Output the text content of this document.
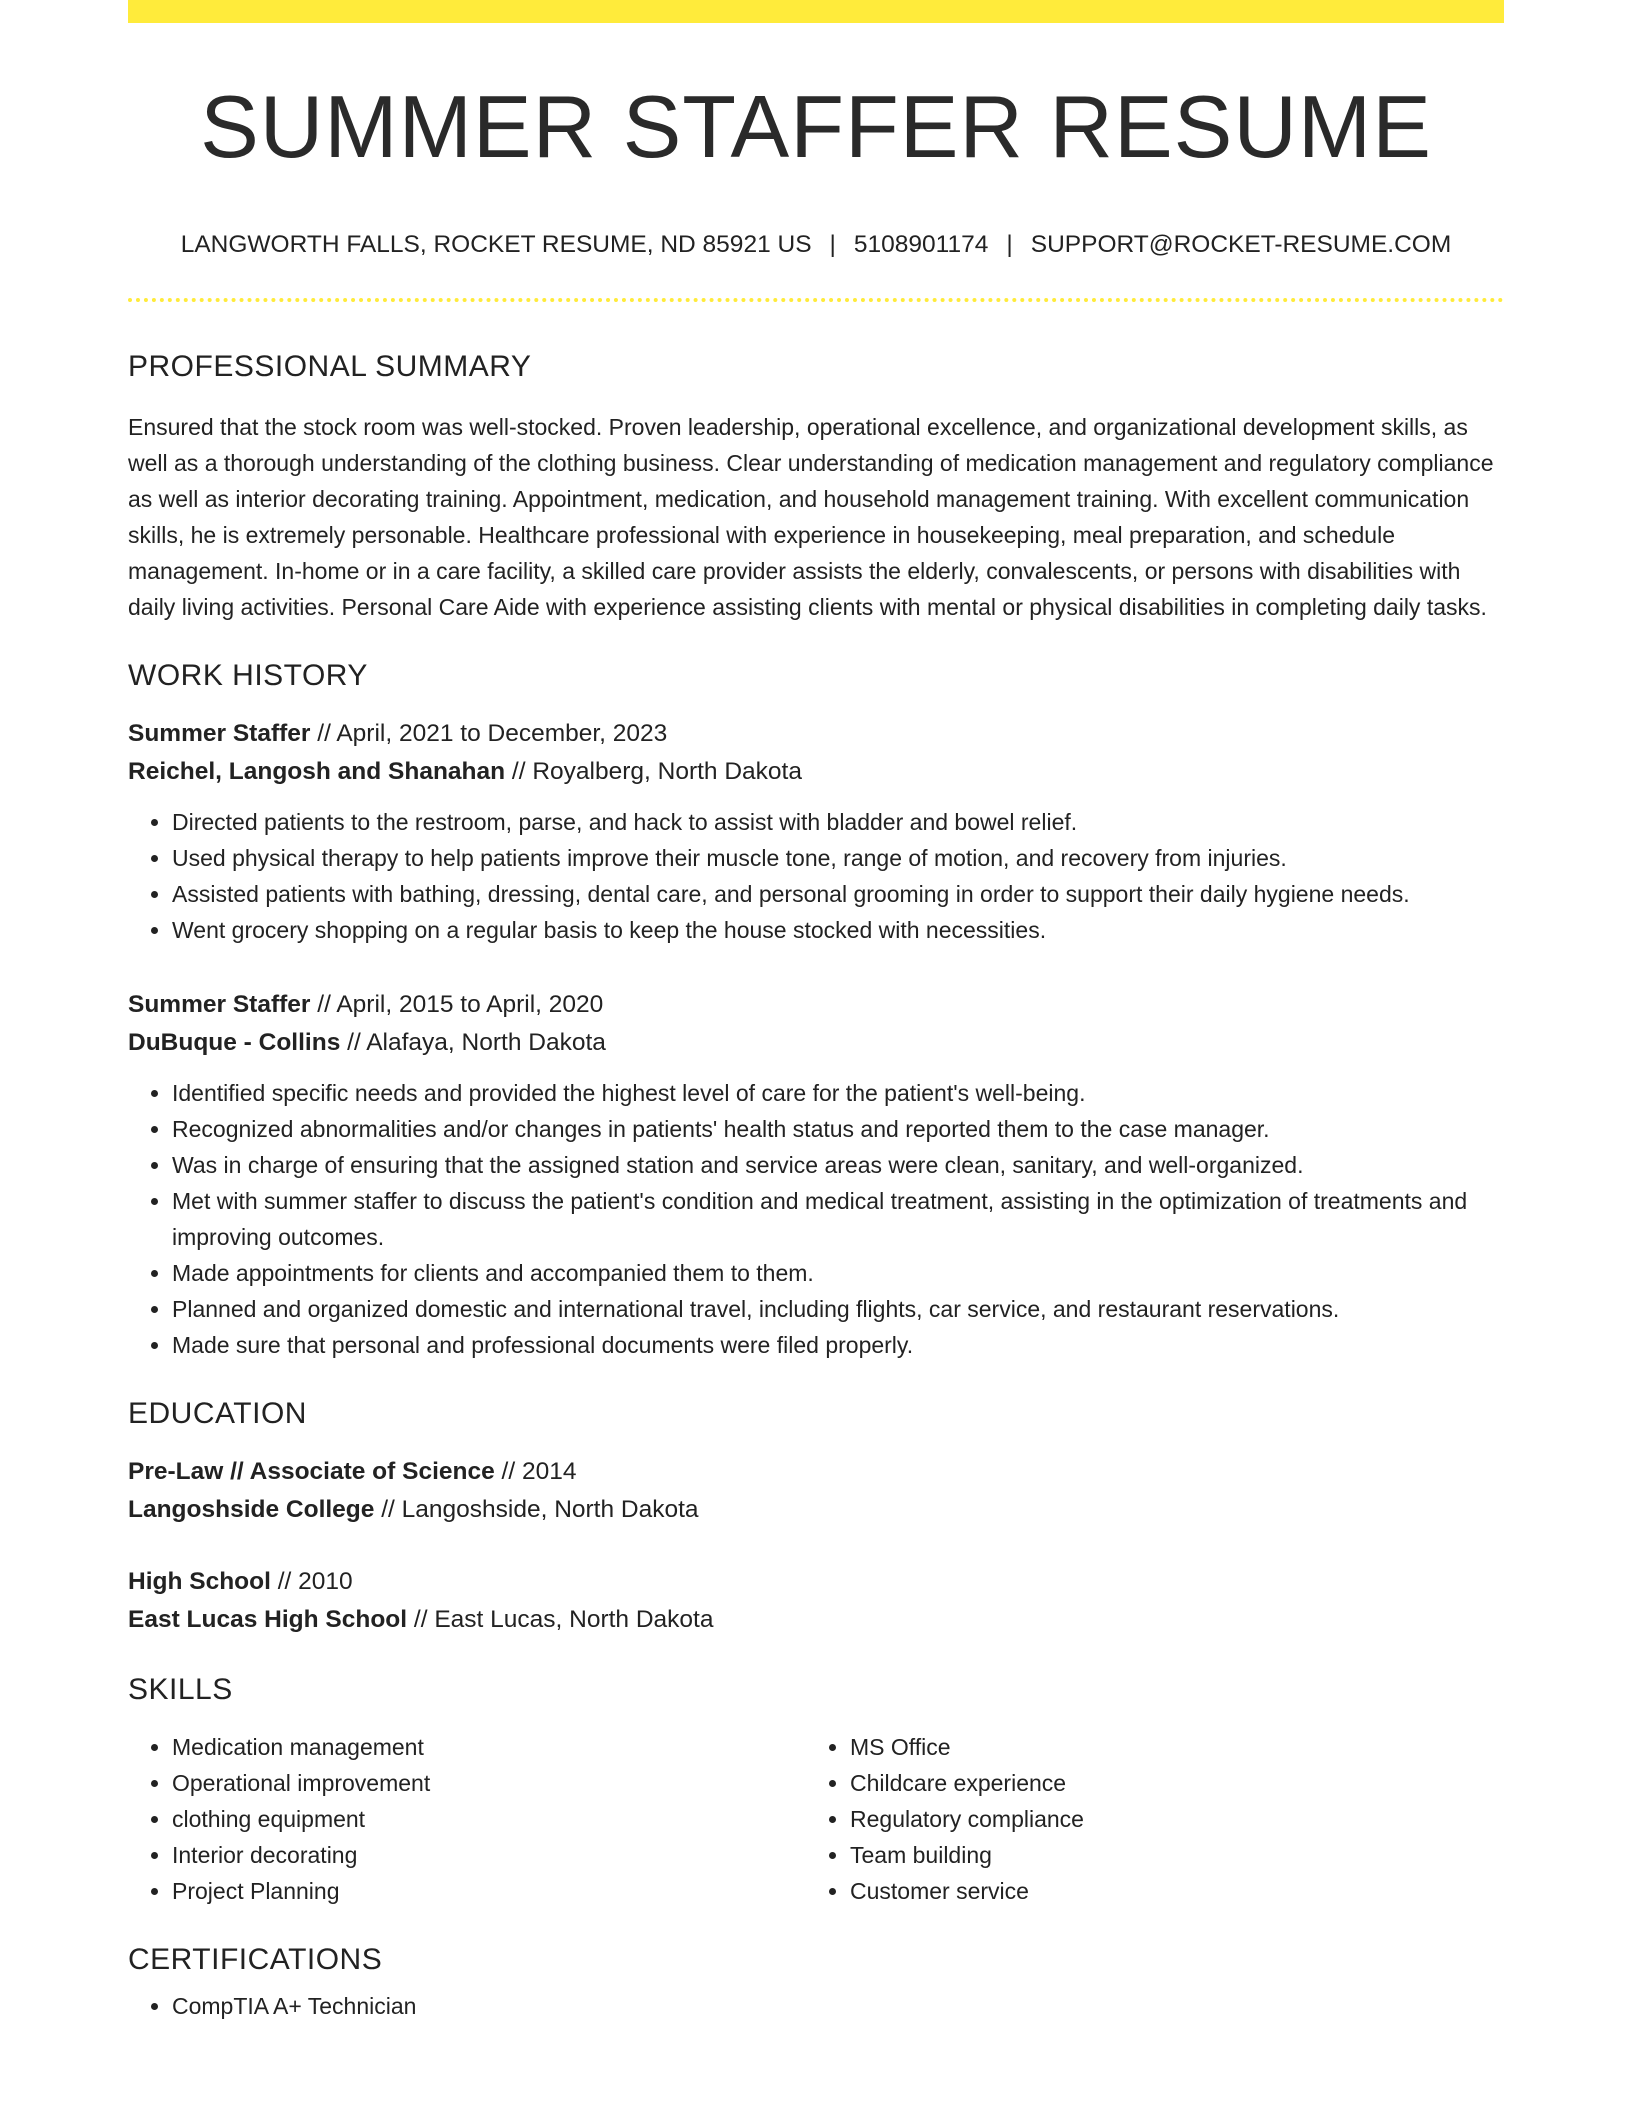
SUMMER STAFFER RESUME
LANGWORTH FALLS, ROCKET RESUME, ND 85921 US | 5108901174 | SUPPORT@ROCKET-RESUME.COM
PROFESSIONAL SUMMARY

Ensured that the stock room was well-stocked. Proven leadership, operational excellence, and organizational development skills, as well as a thorough understanding of the clothing business. Clear understanding of medication management and regulatory compliance as well as interior decorating training. Appointment, medication, and household management training. With excellent communication skills, he is extremely personable. Healthcare professional with experience in housekeeping, meal preparation, and schedule management. In-home or in a care facility, a skilled care provider assists the elderly, convalescents, or persons with disabilities with daily living activities. Personal Care Aide with experience assisting clients with mental or physical disabilities in completing daily tasks.

WORK HISTORY
Summer Staffer // April, 2021 to December, 2023
Reichel, Langosh and Shanahan // Royalberg, North Dakota
• Directed patients to the restroom, parse, and hack to assist with bladder and bowel relief.
• Used physical therapy to help patients improve their muscle tone, range of motion, and recovery from injuries.
• Assisted patients with bathing, dressing, dental care, and personal grooming in order to support their daily hygiene needs.
• Went grocery shopping on a regular basis to keep the house stocked with necessities.
Summer Staffer // April, 2015 to April, 2020
DuBuque - Collins // Alafaya, North Dakota
• Identified specific needs and provided the highest level of care for the patient's well-being.
• Recognized abnormalities and/or changes in patients' health status and reported them to the case manager.
• Was in charge of ensuring that the assigned station and service areas were clean, sanitary, and well-organized.
• Met with summer staffer to discuss the patient's condition and medical treatment, assisting in the optimization of treatments and improving outcomes.
• Made appointments for clients and accompanied them to them.
• Planned and organized domestic and international travel, including flights, car service, and restaurant reservations.
• Made sure that personal and professional documents were filed properly.
EDUCATION
Pre-Law // Associate of Science // 2014
Langoshside College // Langoshside, North Dakota
High School // 2010
East Lucas High School // East Lucas, North Dakota
SKILLS
• Medication management
• Operational improvement
• clothing equipment
• Interior decorating
• Project Planning
• MS Office
• Childcare experience
• Regulatory compliance
• Team building
• Customer service
CERTIFICATIONS
• CompTIA A+ Technician
